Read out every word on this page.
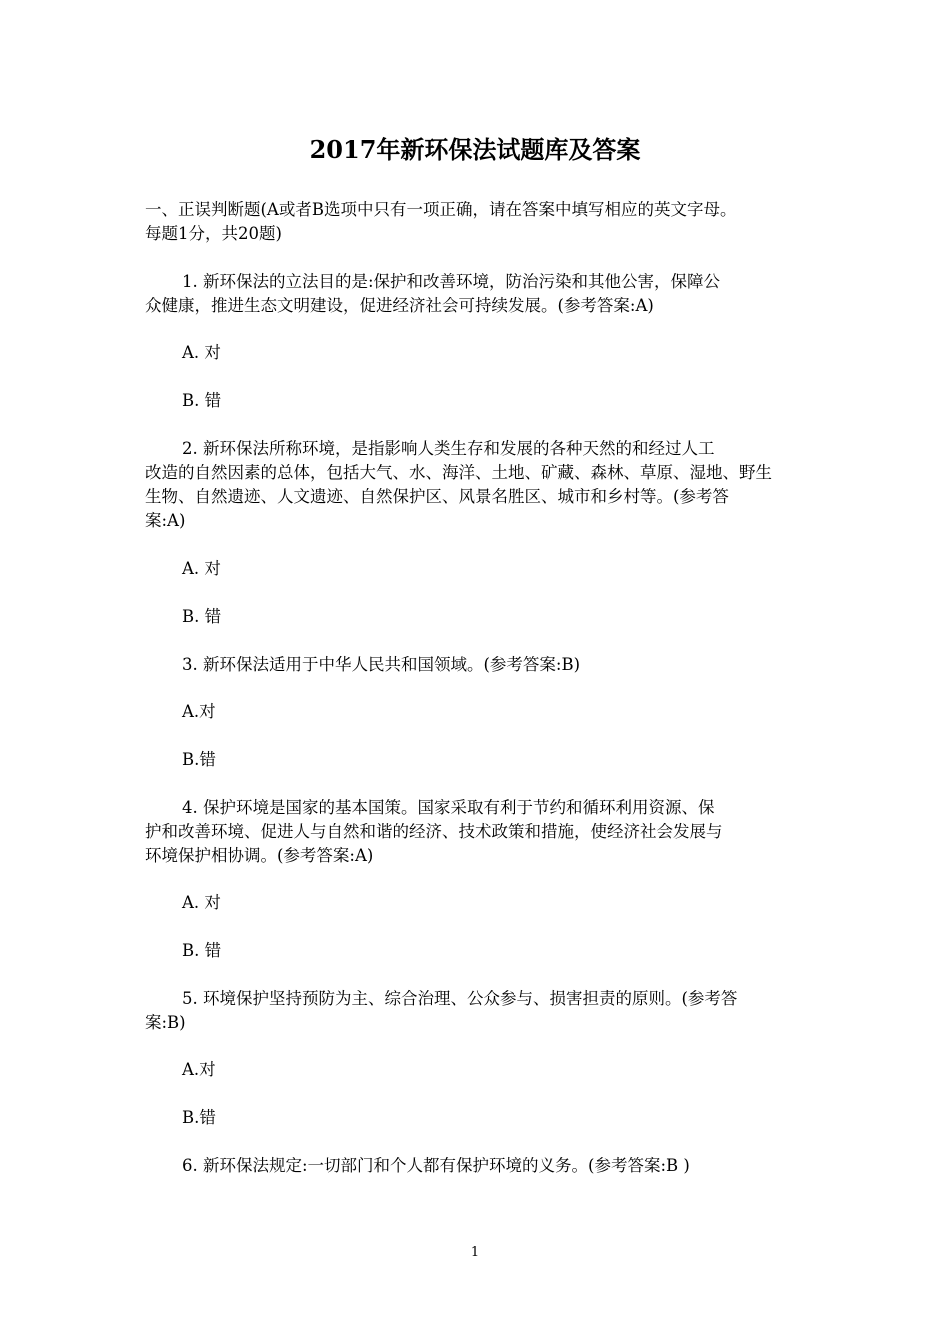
2017年新环保法试题库及答案

一、正误判断题(A或者B选项中只有一项正确，请在答案中填写相应的英文字母。
每题1分，共20题)

1. 新环保法的立法目的是:保护和改善环境，防治污染和其他公害，保障公
众健康，推进生态文明建设，促进经济社会可持续发展。(参考答案:A)

A. 对

B. 错

2. 新环保法所称环境，是指影响人类生存和发展的各种天然的和经过人工
改造的自然因素的总体，包括大气、水、海洋、土地、矿藏、森林、草原、湿地、野生
生物、自然遗迹、人文遗迹、自然保护区、风景名胜区、城市和乡村等。(参考答
案:A)

A. 对

B. 错

3. 新环保法适用于中华人民共和国领域。(参考答案:B)

A.对

B.错

4. 保护环境是国家的基本国策。国家采取有利于节约和循环利用资源、保
护和改善环境、促进人与自然和谐的经济、技术政策和措施，使经济社会发展与
环境保护相协调。(参考答案:A)

A. 对

B. 错

5. 环境保护坚持预防为主、综合治理、公众参与、损害担责的原则。(参考答
案:B)

A.对

B.错

6. 新环保法规定:一切部门和个人都有保护环境的义务。(参考答案:B )

1
